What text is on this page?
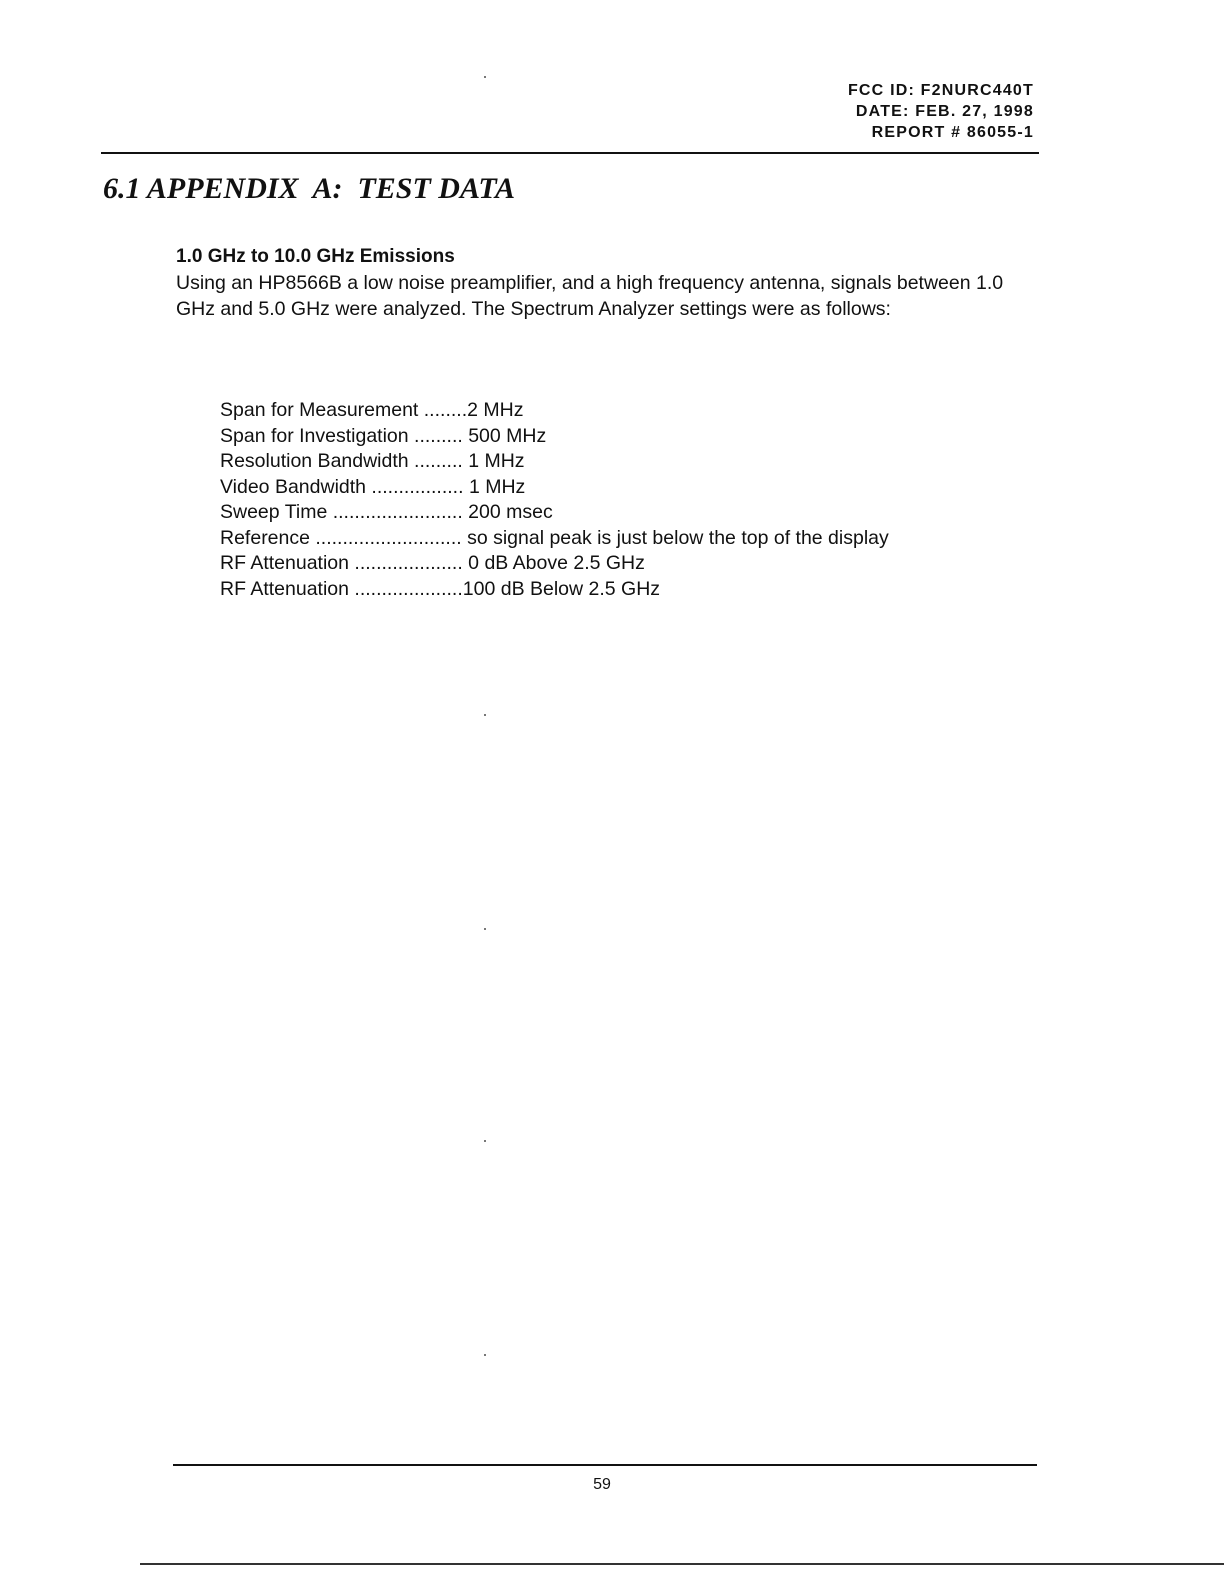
FCC ID: F2NURC440T
DATE: FEB. 27, 1998
REPORT # 86055-1
6.1 APPENDIX  A:  TEST DATA
1.0 GHz to 10.0 GHz Emissions

Using an HP8566B a low noise preamplifier, and a high frequency antenna, signals between 1.0 GHz and 5.0 GHz were analyzed. The Spectrum Analyzer settings were as follows:

Span for Measurement ........2 MHz
Span for Investigation ......... 500 MHz
Resolution Bandwidth ......... 1 MHz
Video Bandwidth ................. 1 MHz
Sweep Time ........................ 200 msec
Reference ........................... so signal peak is just below the top of the display
RF Attenuation .................... 0 dB Above 2.5 GHz
RF Attenuation ....................100 dB Below 2.5 GHz
59
